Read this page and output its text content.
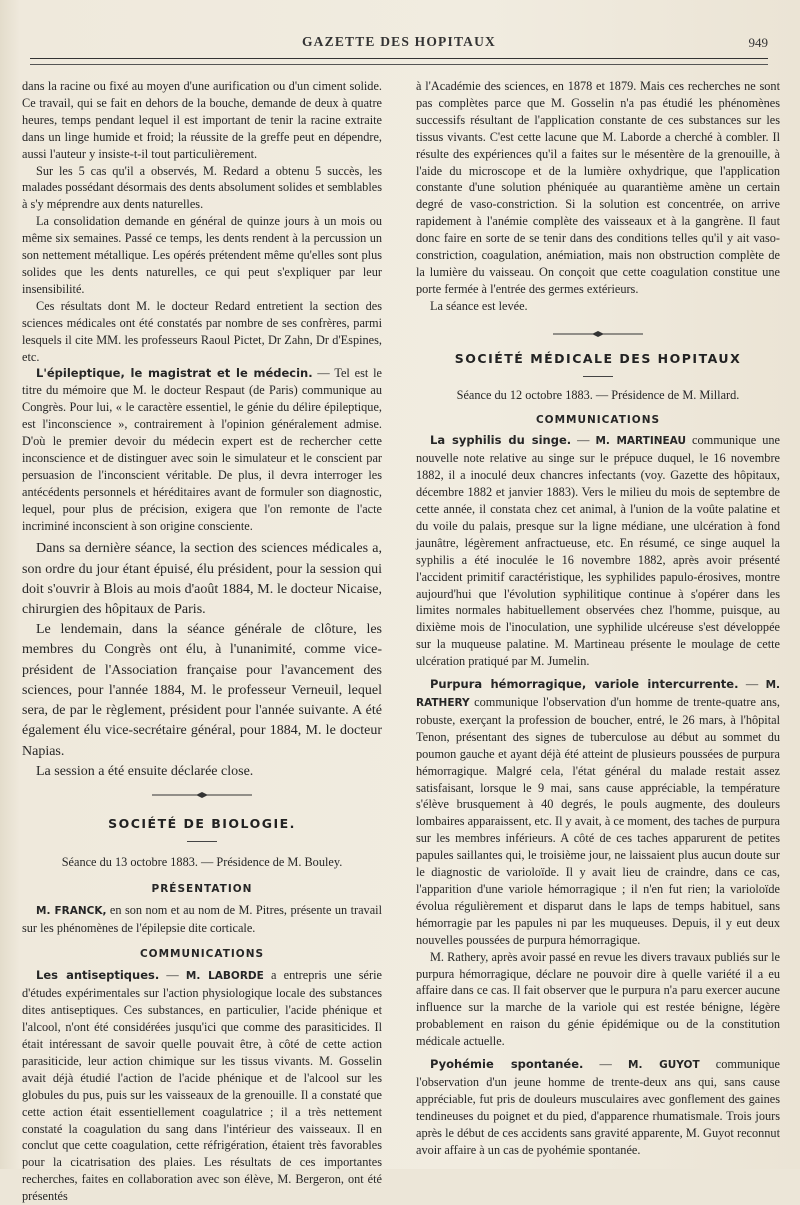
GAZETTE DES HOPITAUX	949

dans la racine ou fixé au moyen d'une aurification ou d'un ciment solide. Ce travail, qui se fait en dehors de la bouche, demande de deux à quatre heures, temps pendant lequel il est important de tenir la racine extraite dans un linge humide et froid; la réussite de la greffe peut en dépendre, aussi l'auteur y insiste-t-il tout particulièrement.

Sur les 5 cas qu'il a observés, M. Redard a obtenu 5 succès, les malades possédant désormais des dents absolument solides et semblables à s'y méprendre aux dents naturelles.

La consolidation demande en général de quinze jours à un mois ou même six semaines. Passé ce temps, les dents rendent à la percussion un son nettement métallique. Les opérés prétendent même qu'elles sont plus solides que les dents naturelles, ce qui peut s'expliquer par leur insensibilité.

Ces résultats dont M. le docteur Redard entretient la section des sciences médicales ont été constatés par nombre de ses confrères, parmi lesquels il cite MM. les professeurs Raoul Pictet, Dr Zahn, Dr d'Espines, etc.

L'épileptique, le magistrat et le médecin. — Tel est le titre du mémoire que M. le docteur Respaut (de Paris) communique au Congrès. Pour lui, « le caractère essentiel, le génie du délire épileptique, est l'inconscience », contrairement à l'opinion généralement admise. D'où le premier devoir du médecin expert est de rechercher cette inconscience et de distinguer avec soin le simulateur et le conscient par persuasion de l'inconscient véritable. De plus, il devra interroger les antécédents personnels et héréditaires avant de formuler son diagnostic, lequel, pour plus de précision, exigera que l'on remonte de l'acte incriminé inconscient à son origine consciente.

Dans sa dernière séance, la section des sciences médicales a, son ordre du jour étant épuisé, élu président, pour la session qui doit s'ouvrir à Blois au mois d'août 1884, M. le docteur Nicaise, chirurgien des hôpitaux de Paris.

Le lendemain, dans la séance générale de clôture, les membres du Congrès ont élu, à l'unanimité, comme vice-président de l'Association française pour l'avancement des sciences, pour l'année 1884, M. le professeur Verneuil, lequel sera, de par le règlement, président pour l'année suivante. A été également élu vice-secrétaire général, pour 1884, M. le docteur Napias.

La session a été ensuite déclarée close.

SOCIÉTÉ DE BIOLOGIE.

Séance du 13 octobre 1883. — Présidence de M. Bouley.

PRÉSENTATION

M. FRANCK, en son nom et au nom de M. Pitres, présente un travail sur les phénomènes de l'épilepsie dite corticale.

COMMUNICATIONS

Les antiseptiques. — M. LABORDE a entrepris une série d'études expérimentales sur l'action physiologique locale des substances dites antiseptiques. Ces substances, en particulier, l'acide phénique et l'alcool, n'ont été considérées jusqu'ici que comme des parasiticides. Il était intéressant de savoir quelle pouvait être, à côté de cette action parasiticide, leur action chimique sur les tissus vivants. M. Gosselin avait déjà étudié l'action de l'acide phénique et de l'alcool sur les globules du pus, puis sur les vaisseaux de la grenouille. Il a constaté que cette action était essentiellement coagulatrice ; il a très nettement constaté la coagulation du sang dans l'intérieur des vaisseaux. Il en conclut que cette coagulation, cette réfrigération, étaient très favorables pour la cicatrisation des plaies. Les résultats de ces importantes recherches, faites en collaboration avec son élève, M. Bergeron, ont été présentés

à l'Académie des sciences, en 1878 et 1879. Mais ces recherches ne sont pas complètes parce que M. Gosselin n'a pas étudié les phénomènes successifs résultant de l'application constante de ces substances sur les tissus vivants. C'est cette lacune que M. Laborde a cherché à combler. Il résulte des expériences qu'il a faites sur le mésentère de la grenouille, à l'aide du microscope et de la lumière oxhydrique, que l'application constante d'une solution phéniquée au quarantième amène un certain degré de vaso-constriction. Si la solution est concentrée, on arrive rapidement à l'anémie complète des vaisseaux et à la gangrène. Il faut donc faire en sorte de se tenir dans des conditions telles qu'il y ait vaso-constriction, coagulation, anémiation, mais non obstruction complète de la lumière du vaisseau. On conçoit que cette coagulation constitue une porte fermée à l'entrée des germes extérieurs.

La séance est levée.

SOCIÉTÉ MÉDICALE DES HOPITAUX

Séance du 12 octobre 1883. — Présidence de M. Millard.

COMMUNICATIONS

La syphilis du singe. — M. MARTINEAU communique une nouvelle note relative au singe sur le prépuce duquel, le 16 novembre 1882, il a inoculé deux chancres infectants (voy. Gazette des hôpitaux, décembre 1882 et janvier 1883). Vers le milieu du mois de septembre de cette année, il constata chez cet animal, à l'union de la voûte palatine et du voile du palais, presque sur la ligne médiane, une ulcération à fond jaunâtre, légèrement anfractueuse, etc. En résumé, ce singe auquel la syphilis a été inoculée le 16 novembre 1882, après avoir présenté l'accident primitif caractéristique, les syphilides papulo-érosives, montre aujourd'hui que l'évolution syphilitique continue à s'opérer dans les limites normales habituellement observées chez l'homme, puisque, au dixième mois de l'inoculation, une syphilide ulcéreuse s'est développée sur la muqueuse palatine. M. Martineau présente le moulage de cette ulcération pratiqué par M. Jumelin.

Purpura hémorragique, variole intercurrente. — M. RATHERY communique l'observation d'un homme de trente-quatre ans, robuste, exerçant la profession de boucher, entré, le 26 mars, à l'hôpital Tenon, présentant des signes de tuberculose au début au sommet du poumon gauche et ayant déjà été atteint de plusieurs poussées de purpura hémorragique. Malgré cela, l'état général du malade restait assez satisfaisant, lorsque le 9 mai, sans cause appréciable, la température s'élève brusquement à 40 degrés, le pouls augmente, des douleurs lombaires apparaissent, etc. Il y avait, à ce moment, des taches de purpura sur les membres inférieurs. A côté de ces taches apparurent de petites papules saillantes qui, le troisième jour, ne laissaient plus aucun doute sur le diagnostic de varioloïde. Il y avait lieu de craindre, dans ce cas, l'apparition d'une variole hémorragique ; il n'en fut rien; la varioloïde évolua régulièrement et disparut dans le laps de temps habituel, sans hémorragie par les papules ni par les muqueuses. Depuis, il y eut deux nouvelles poussées de purpura hémorragique.

M. Rathery, après avoir passé en revue les divers travaux publiés sur le purpura hémorragique, déclare ne pouvoir dire à quelle variété il a eu affaire dans ce cas. Il fait observer que le purpura n'a paru exercer aucune influence sur la marche de la variole qui est restée bénigne, légère probablement en raison du génie épidémique ou de la constitution médicale actuelle.

Pyohémie spontanée. — M. GUYOT communique l'observation d'un jeune homme de trente-deux ans qui, sans cause appréciable, fut pris de douleurs musculaires avec gonflement des gaines tendineuses du poignet et du pied, d'apparence rhumatismale. Trois jours après le début de ces accidents sans gravité apparente, M. Guyot reconnut avoir affaire à un cas de pyohémie spontanée.
